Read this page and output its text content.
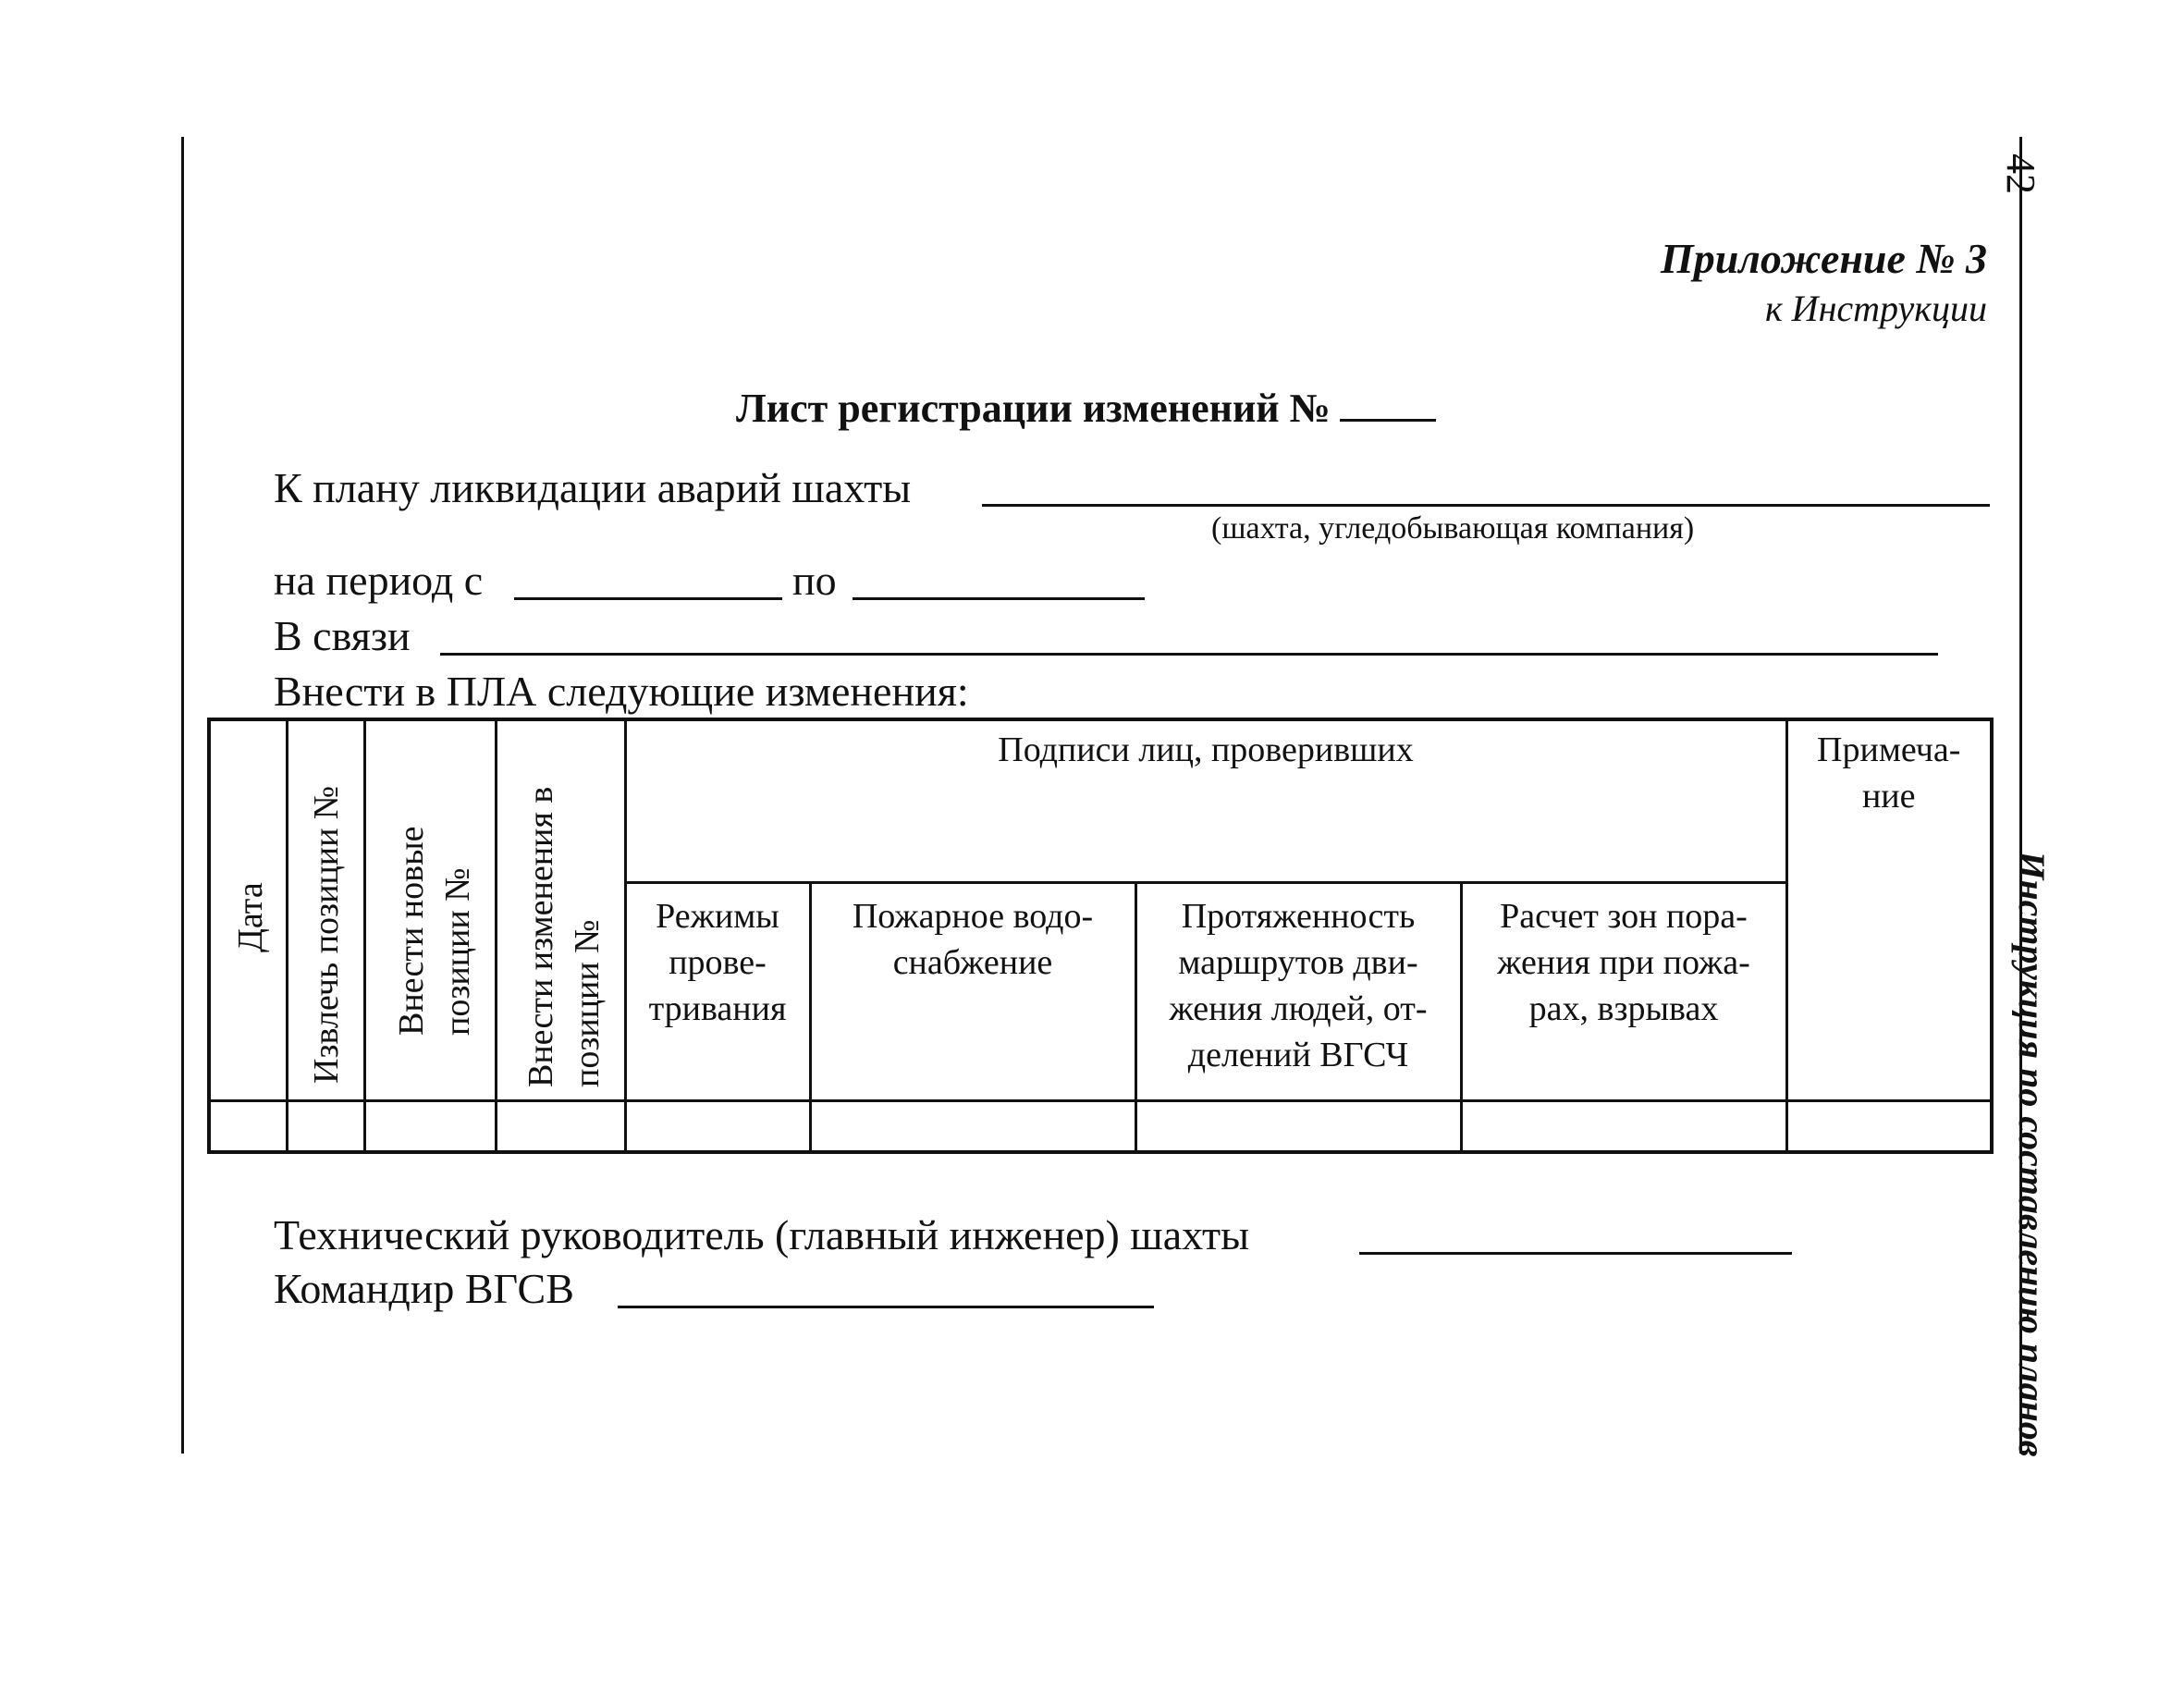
42
Инструкция по составлению планов
Приложение № 3
к Инструкции
Лист регистрации изменений №
К плану ликвидации аварий шахты
(шахта, угледобывающая компания)
на период с	по
В связи
Внести в ПЛА следующие изменения:
Дата	Извлечь позиции №	Внести новые позиции №	Внести изменения в позиции №	Подписи лиц, проверивших				Примеча-ние
				Режимы прове-тривания	Пожарное водо-снабжение	Протяженность маршрутов дви-жения людей, от-делений ВГСЧ	Расчет зон пора-жения при пожа-рах, взрывах	

Технический руководитель (главный инженер) шахты
Командир ВГСВ
